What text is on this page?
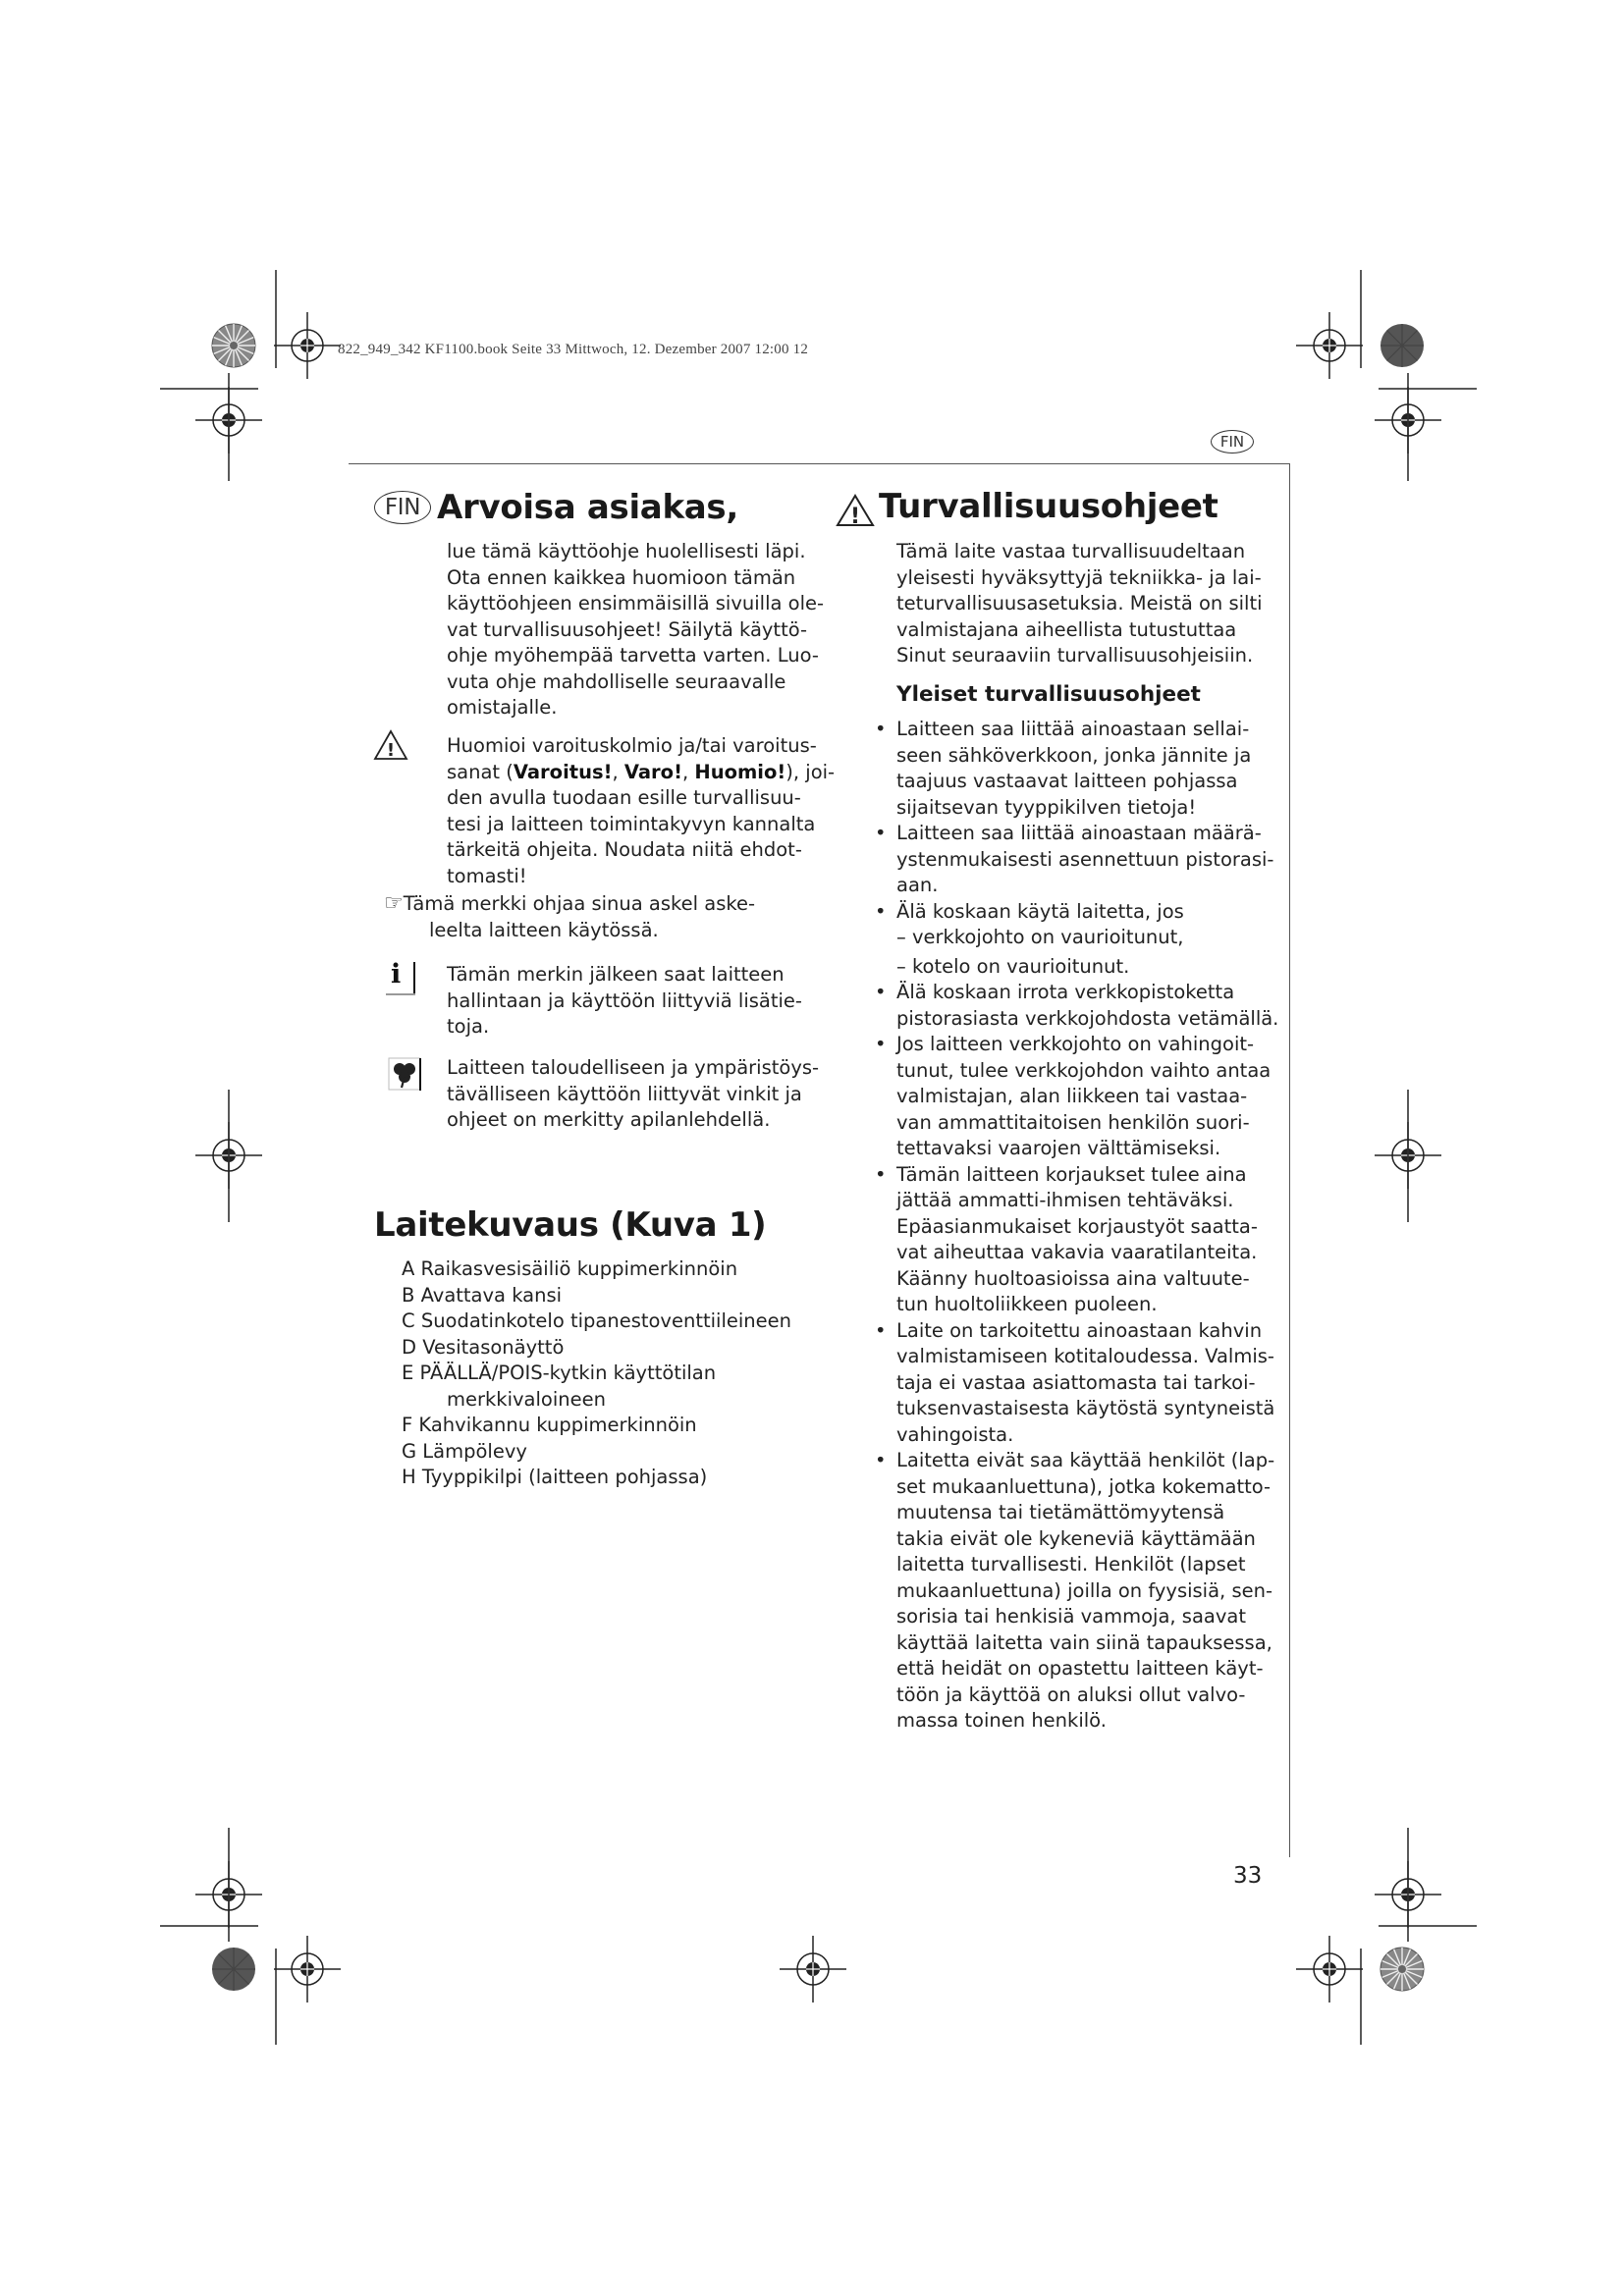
822_949_342 KF1100.book Seite 33 Mittwoch, 12. Dezember 2007 12:00 12
FIN
FIN Arvoisa asiakas,
lue tämä käyttöohje huolellisesti läpi.
Ota ennen kaikkea huomioon tämän
käyttöohjeen ensimmäisillä sivuilla ole-
vat turvallisuusohjeet! Säilytä käyttö-
ohje myöhempää tarvetta varten. Luo-
vuta ohje mahdolliselle seuraavalle
omistajalle.
!	Huomioi varoituskolmio ja/tai varoitus-
sanat (Varoitus!, Varo!, Huomio!), joi-
den avulla tuodaan esille turvallisuu-
tesi ja laitteen toimintakyvyn kannalta
tärkeitä ohjeita. Noudata niitä ehdot-
tomasti!
☞Tämä merkki ohjaa sinua askel aske-
leelta laitteen käytössä.
i Tämän merkin jälkeen saat laitteen
hallintaan ja käyttöön liittyviä lisätie-
toja.
Laitteen taloudelliseen ja ympäristöys-
tävälliseen käyttöön liittyvät vinkit ja
ohjeet on merkitty apilanlehdellä.
Laitekuvaus (Kuva 1)
A Raikasvesisäiliö kuppimerkinnöin
B Avattava kansi
C Suodatinkotelo tipanestoventtiileineen
D Vesitasonäyttö
E PÄÄLLÄ/POIS-kytkin käyttötilan
merkkivaloineen
F Kahvikannu kuppimerkinnöin
G Lämpölevy
H Tyyppikilpi (laitteen pohjassa)
! Turvallisuusohjeet
Tämä laite vastaa turvallisuudeltaan
yleisesti hyväksyttyjä tekniikka- ja lai-
teturvallisuusasetuksia. Meistä on silti
valmistajana aiheellista tutustuttaa
Sinut seuraaviin turvallisuusohjeisiin.
Yleiset turvallisuusohjeet
• Laitteen saa liittää ainoastaan sellai-
seen sähköverkkoon, jonka jännite ja
taajuus vastaavat laitteen pohjassa
sijaitsevan tyyppikilven tietoja!
• Laitteen saa liittää ainoastaan määrä-
ystenmukaisesti asennettuun pistorasi-
aan.
• Älä koskaan käytä laitetta, jos
– verkkojohto on vaurioitunut,
– kotelo on vaurioitunut.
• Älä koskaan irrota verkkopistoketta
pistorasiasta verkkojohdosta vetämällä.
• Jos laitteen verkkojohto on vahingoit-
tunut, tulee verkkojohdon vaihto antaa
valmistajan, alan liikkeen tai vastaa-
van ammattitaitoisen henkilön suori-
tettavaksi vaarojen välttämiseksi.
• Tämän laitteen korjaukset tulee aina
jättää ammatti-ihmisen tehtäväksi.
Epäasianmukaiset korjaustyöt saatta-
vat aiheuttaa vakavia vaaratilanteita.
Käänny huoltoasioissa aina valtuute-
tun huoltoliikkeen puoleen.
• Laite on tarkoitettu ainoastaan kahvin
valmistamiseen kotitaloudessa. Valmis-
taja ei vastaa asiattomasta tai tarkoi-
tuksenvastaisesta käytöstä syntyneistä
vahingoista.
• Laitetta eivät saa käyttää henkilöt (lap-
set mukaanluettuna), jotka kokematto-
muutensa tai tietämättömyytensä
takia eivät ole kykeneviä käyttämään
laitetta turvallisesti. Henkilöt (lapset
mukaanluettuna) joilla on fyysisiä, sen-
sorisia tai henkisiä vammoja, saavat
käyttää laitetta vain siinä tapauksessa,
että heidät on opastettu laitteen käyt-
töön ja käyttöä on aluksi ollut valvo-
massa toinen henkilö.
33
